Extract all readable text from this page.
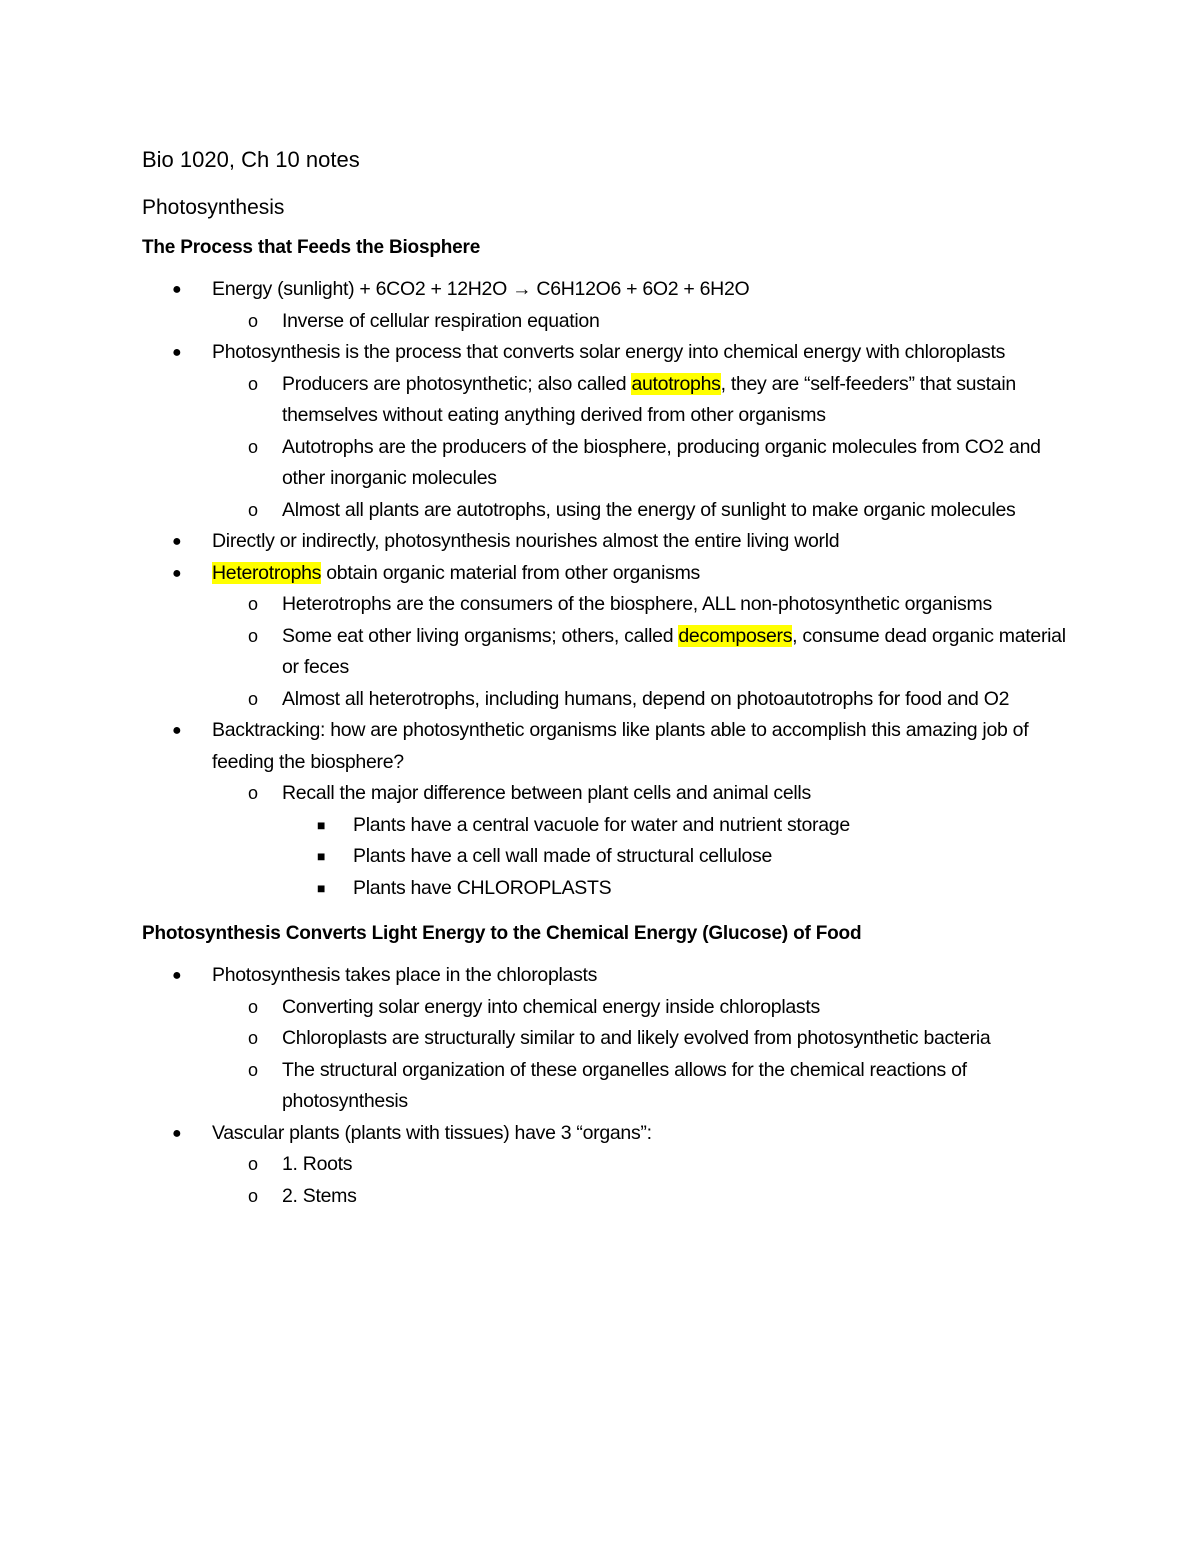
Bio 1020, Ch 10 notes
Photosynthesis
The Process that Feeds the Biosphere
● Energy (sunlight) + 6CO2 + 12H2O → C6H12O6 + 6O2 + 6H2O
o Inverse of cellular respiration equation
● Photosynthesis is the process that converts solar energy into chemical energy with chloroplasts
o Producers are photosynthetic; also called autotrophs, they are “self-feeders” that sustain themselves without eating anything derived from other organisms
o Autotrophs are the producers of the biosphere, producing organic molecules from CO2 and other inorganic molecules
o Almost all plants are autotrophs, using the energy of sunlight to make organic molecules
● Directly or indirectly, photosynthesis nourishes almost the entire living world
● Heterotrophs obtain organic material from other organisms
o Heterotrophs are the consumers of the biosphere, ALL non-photosynthetic organisms
o Some eat other living organisms; others, called decomposers, consume dead organic material or feces
o Almost all heterotrophs, including humans, depend on photoautotrophs for food and O2
● Backtracking: how are photosynthetic organisms like plants able to accomplish this amazing job of feeding the biosphere?
o Recall the major difference between plant cells and animal cells
■ Plants have a central vacuole for water and nutrient storage
■ Plants have a cell wall made of structural cellulose
■ Plants have CHLOROPLASTS
Photosynthesis Converts Light Energy to the Chemical Energy (Glucose) of Food
● Photosynthesis takes place in the chloroplasts
o Converting solar energy into chemical energy inside chloroplasts
o Chloroplasts are structurally similar to and likely evolved from photosynthetic bacteria
o The structural organization of these organelles allows for the chemical reactions of photosynthesis
● Vascular plants (plants with tissues) have 3 “organs”:
o 1. Roots
o 2. Stems
